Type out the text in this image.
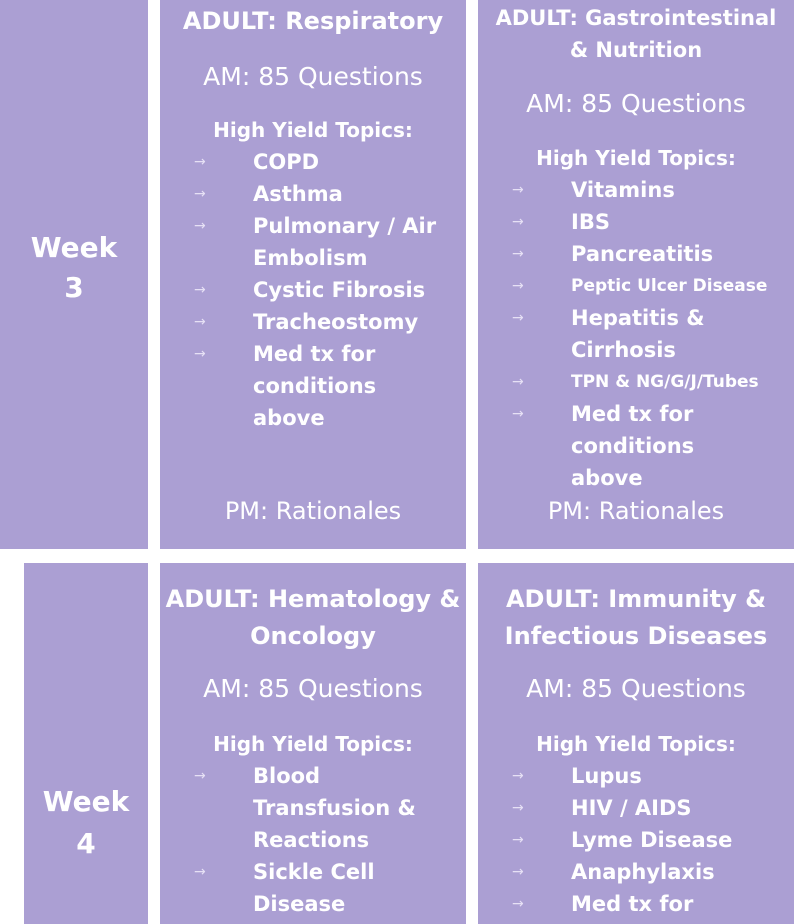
Week
3
ADULT: Respiratory
AM: 85 Questions
High Yield Topics:
→ COPD
→ Asthma
→ Pulmonary / Air Embolism
→ Cystic Fibrosis
→ Tracheostomy
→ Med tx for conditions above
PM: Rationales
ADULT: Gastrointestinal & Nutrition
AM: 85 Questions
High Yield Topics:
→ Vitamins
→ IBS
→ Pancreatitis
→	Peptic Ulcer Disease
→ Hepatitis & Cirrhosis
→	TPN & NG/G/J/Tubes
→ Med tx for conditions above
PM: Rationales
Week
4
ADULT: Hematology & Oncology
AM: 85 Questions
High Yield Topics:
→ Blood Transfusion & Reactions
→ Sickle Cell Disease
ADULT: Immunity & Infectious Diseases
AM: 85 Questions
High Yield Topics:
→ Lupus
→ HIV / AIDS
→ Lyme Disease
→ Anaphylaxis
→ Med tx for
